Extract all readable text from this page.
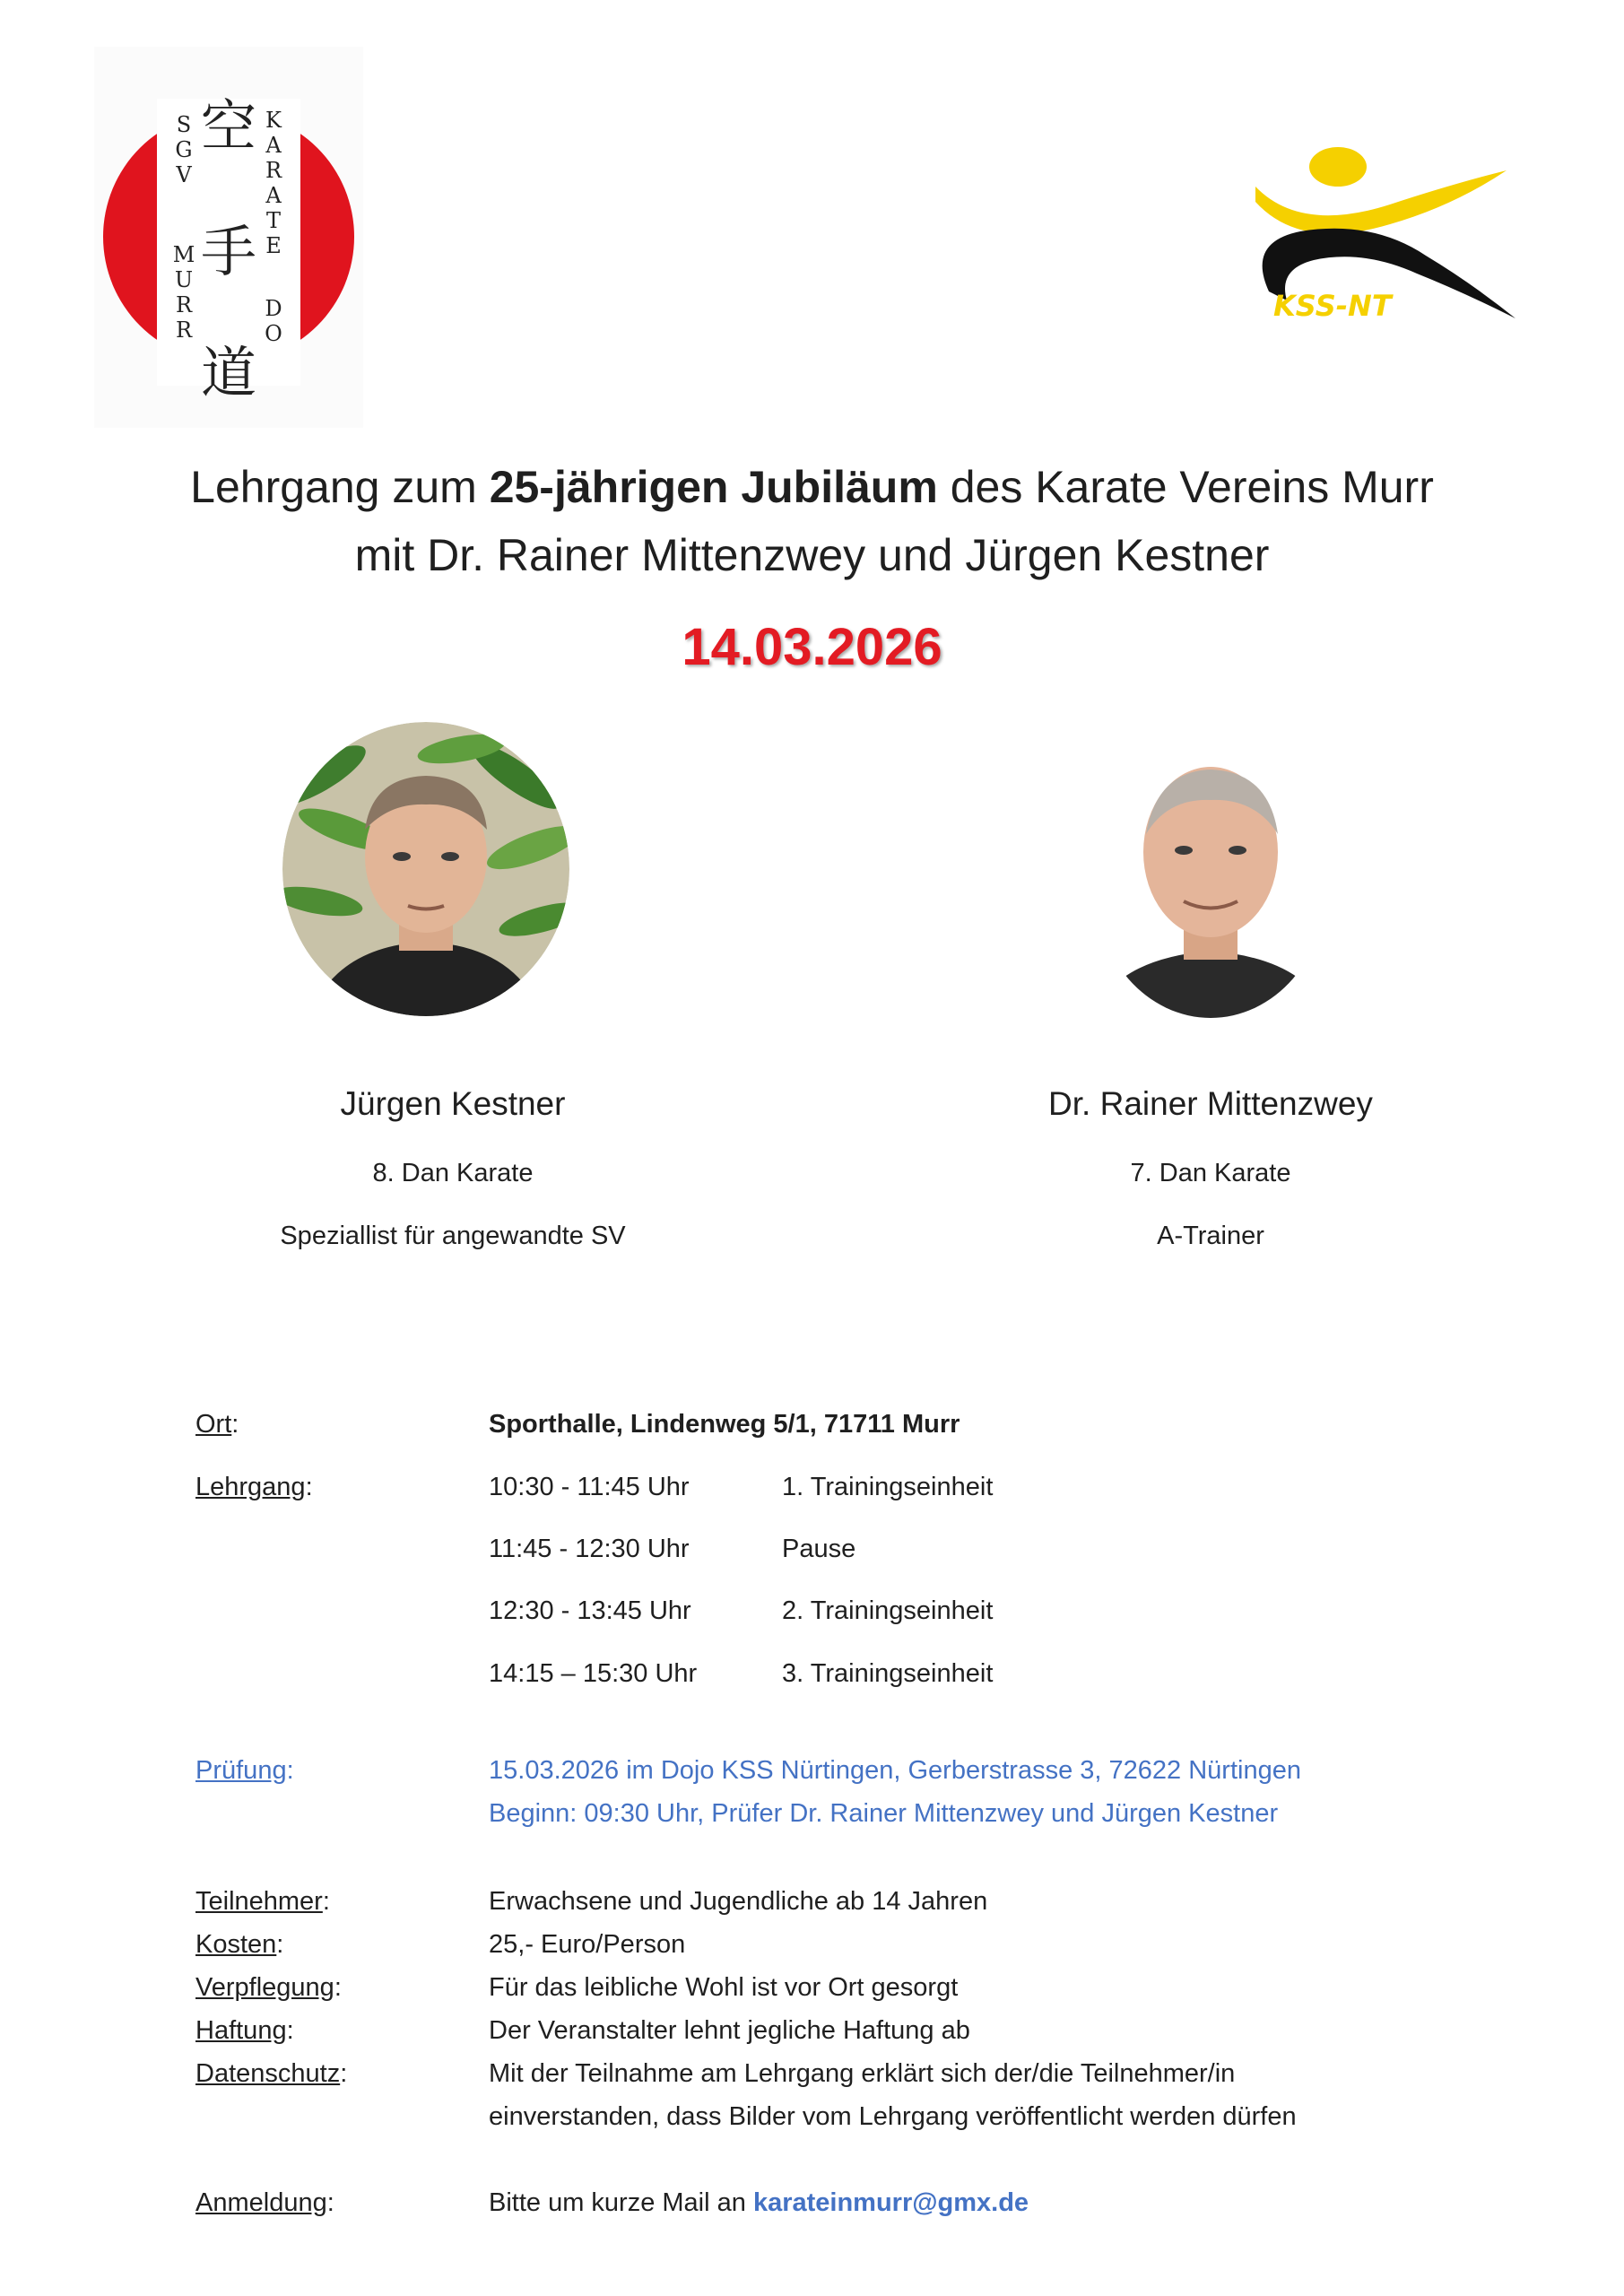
空
手
道
S
G
V
M
U
R
R
K
A
R
A
T
E
D
O
KSS-NT
Lehrgang zum 25-jährigen Jubiläum des Karate Vereins Murr
mit Dr. Rainer Mittenzwey und Jürgen Kestner
14.03.2026
Jürgen Kestner
8. Dan Karate
Speziallist für angewandte SV
Dr. Rainer Mittenzwey
7. Dan Karate
A-Trainer
Ort:	Sporthalle, Lindenweg 5/1, 71711 Murr
Lehrgang:	10:30 - 11:45 Uhr	1. Trainingseinheit
11:45 - 12:30 Uhr	Pause
12:30 - 13:45 Uhr	2. Trainingseinheit
14:15 – 15:30 Uhr	3. Trainingseinheit
Prüfung:	15.03.2026 im Dojo KSS Nürtingen, Gerberstrasse 3, 72622 Nürtingen
Beginn: 09:30 Uhr, Prüfer Dr. Rainer Mittenzwey und Jürgen Kestner
Teilnehmer:	Erwachsene und Jugendliche ab 14 Jahren
Kosten:	25,- Euro/Person
Verpflegung:	Für das leibliche Wohl ist vor Ort gesorgt
Haftung:	Der Veranstalter lehnt jegliche Haftung ab
Datenschutz:	Mit der Teilnahme am Lehrgang erklärt sich der/die Teilnehmer/in
einverstanden, dass Bilder vom Lehrgang veröffentlicht werden dürfen
Anmeldung:	Bitte um kurze Mail an karateinmurr@gmx.de
